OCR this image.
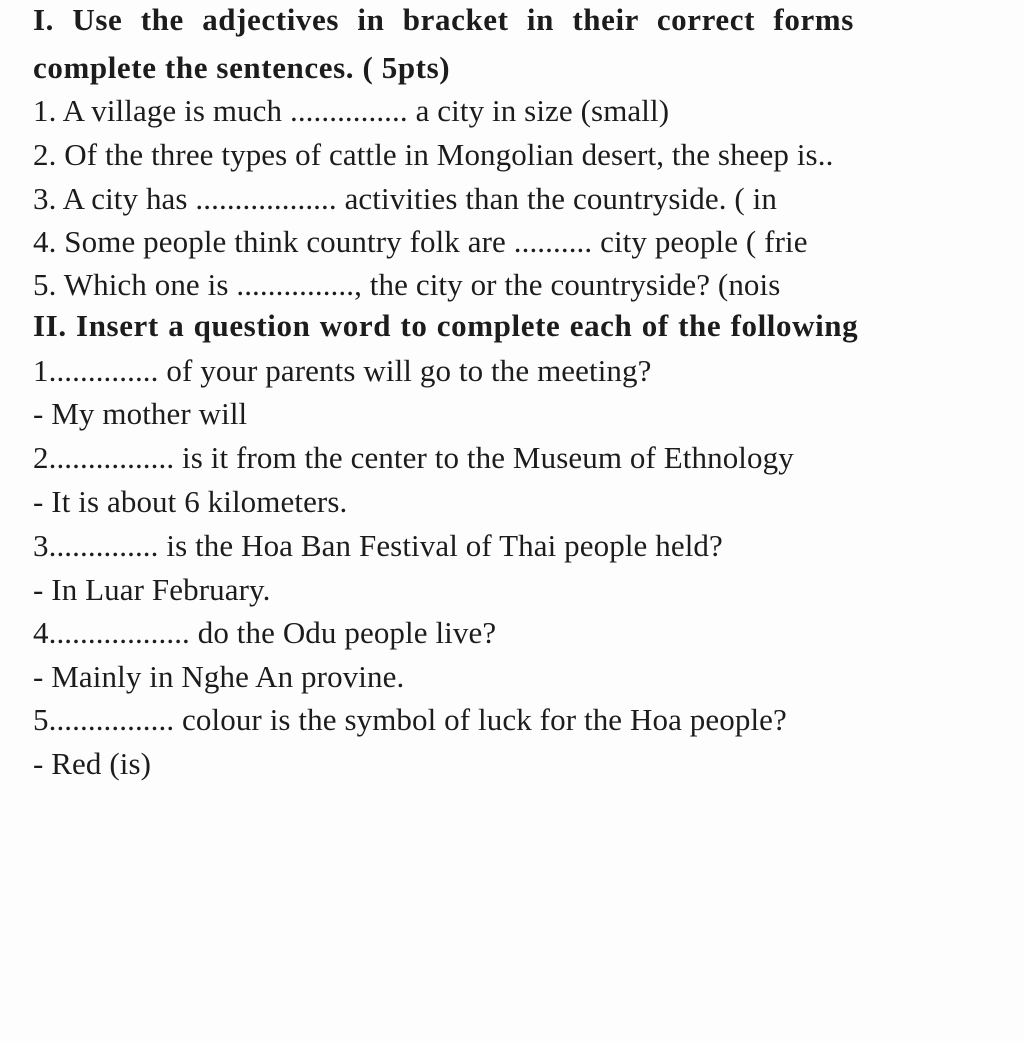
I. Use the adjectives in bracket in their correct forms
complete the sentences. ( 5pts)
1. A village is much ............... a city in size (small)
2. Of the three types of cattle in Mongolian desert, the sheep is..
3. A city has .................. activities than the countryside. ( in
4. Some people think country folk are .......... city people ( frie
5. Which one is ..............., the city or the countryside? (nois
II. Insert a question word to complete each of the following
1.............. of your parents will go to the meeting?
- My mother will
2................ is it from the center to the Museum of Ethnology
- It is about 6 kilometers.
3.............. is the Hoa Ban Festival of Thai people held?
- In Luar February.
4.................. do the Odu people live?
- Mainly in Nghe An provine.
5................ colour is the symbol of luck for the Hoa people?
- Red (is)
